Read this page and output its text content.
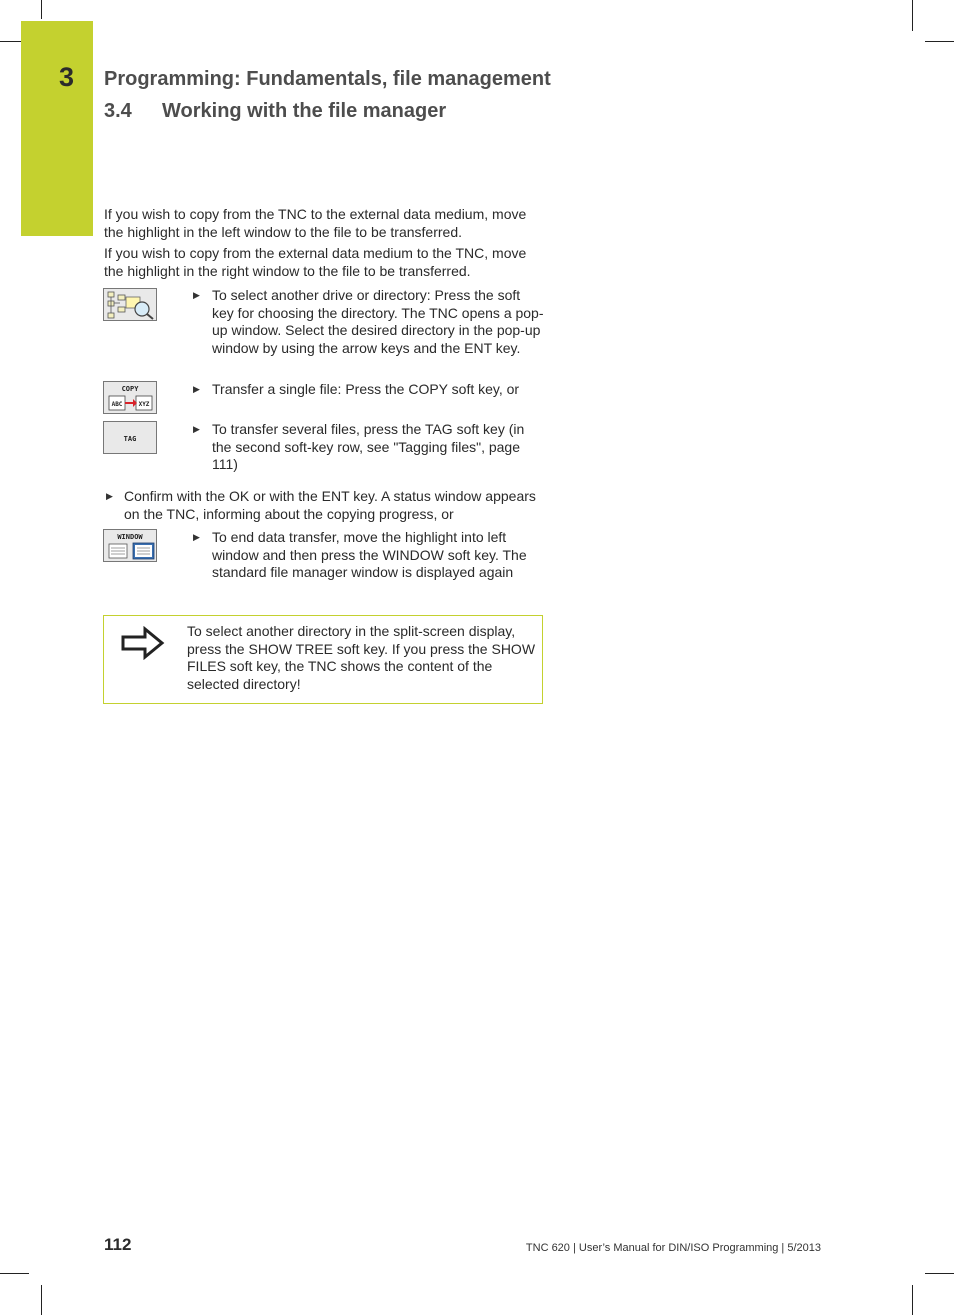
3 Programming: Fundamentals, file management
3.4 Working with the file manager
If you wish to copy from the TNC to the external data medium, move the highlight in the left window to the file to be transferred.
If you wish to copy from the external data medium to the TNC, move the highlight in the right window to the file to be transferred.
▶ To select another drive or directory: Press the soft key for choosing the directory. The TNC opens a pop-up window. Select the desired directory in the pop-up window by using the arrow keys and the ENT key.
COPY
ABC	XYZ
▶ Transfer a single file: Press the COPY soft key, or
TAG
▶ To transfer several files, press the TAG soft key (in the second soft-key row, see "Tagging files", page 111)
▶ Confirm with the OK or with the ENT key. A status window appears on the TNC, informing about the copying progress, or
WINDOW	▶ To end data transfer, move the highlight into left window and then press the WINDOW soft key. The standard file manager window is displayed again
To select another directory in the split-screen display, press the SHOW TREE soft key. If you press the SHOW FILES soft key, the TNC shows the content of the selected directory!
112	TNC 620 | User’s Manual for DIN/ISO Programming | 5/2013
